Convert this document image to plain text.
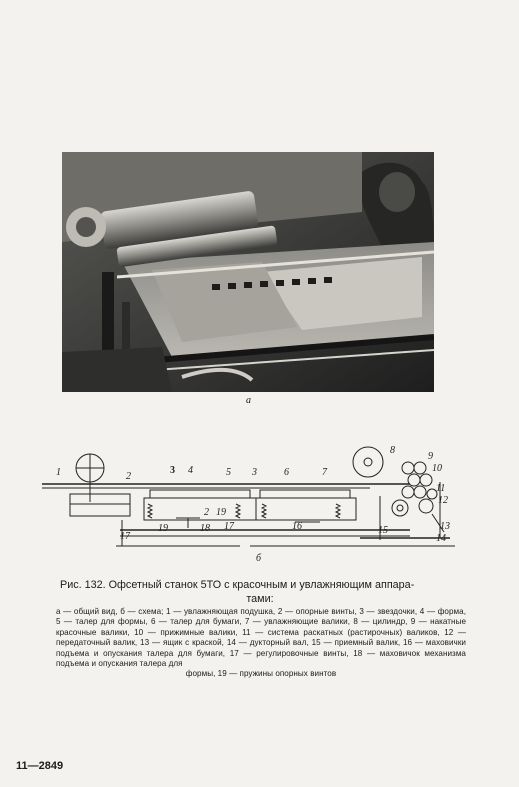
а
1	2
3 4	5 3	6	7
8
9
10
11
12
13
14
15
16
17
18
19
2 19
17
б
Рис. 132. Офсетный станок 5ТО с красочным и увлажняющим аппара-
тами:
а — общий вид, б — схема; 1 — увлажняющая подушка, 2 — опорные винты, 3 — звездочки, 4 — форма, 5 — талер для формы, 6 — талер для бумаги, 7 — увлажняющие валики, 8 — цилиндр, 9 — накатные красочные валики, 10 — прижимные валики, 11 — система раскатных (растирочных) валиков, 12 — передаточный валик, 13 — ящик с краской, 14 — дукторный вал, 15 — приемный валик, 16 — маховички подъема и опускания талера для бумаги, 17 — регулировочные винты, 18 — маховичок механизма подъема и опускания талера для
формы, 19 — пружины опорных винтов
11—2849
